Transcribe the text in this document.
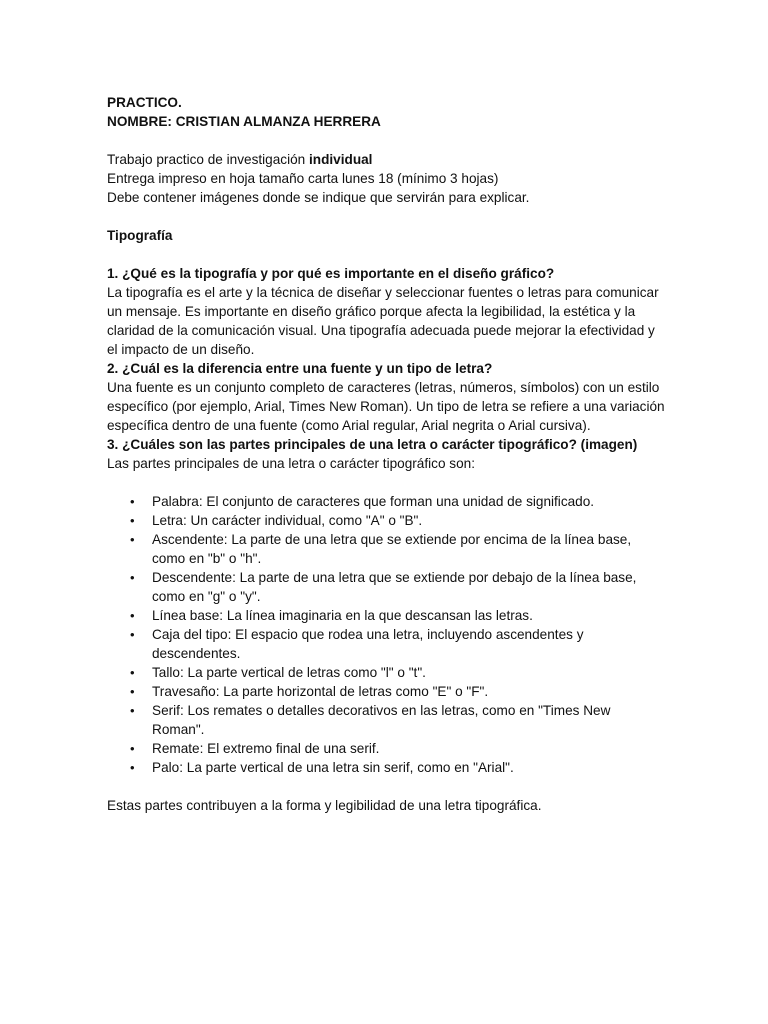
PRACTICO.

NOMBRE: CRISTIAN ALMANZA HERRERA

Trabajo practico de investigación individual

Entrega impreso en hoja tamaño carta lunes 18 (mínimo 3 hojas)

Debe contener imágenes donde se indique que servirán para explicar.

Tipografía

1. ¿Qué es la tipografía y por qué es importante en el diseño gráfico?

La tipografía es el arte y la técnica de diseñar y seleccionar fuentes o letras para comunicar un mensaje. Es importante en diseño gráfico porque afecta la legibilidad, la estética y la claridad de la comunicación visual. Una tipografía adecuada puede mejorar la efectividad y el impacto de un diseño.

2. ¿Cuál es la diferencia entre una fuente y un tipo de letra?

Una fuente es un conjunto completo de caracteres (letras, números, símbolos) con un estilo específico (por ejemplo, Arial, Times New Roman). Un tipo de letra se refiere a una variación específica dentro de una fuente (como Arial regular, Arial negrita o Arial cursiva).

3. ¿Cuáles son las partes principales de una letra o carácter tipográfico? (imagen)

Las partes principales de una letra o carácter tipográfico son:

• Palabra: El conjunto de caracteres que forman una unidad de significado.
• Letra: Un carácter individual, como "A" o "B".
• Ascendente: La parte de una letra que se extiende por encima de la línea base, como en "b" o "h".
• Descendente: La parte de una letra que se extiende por debajo de la línea base, como en "g" o "y".
• Línea base: La línea imaginaria en la que descansan las letras.
• Caja del tipo: El espacio que rodea una letra, incluyendo ascendentes y descendentes.
• Tallo: La parte vertical de letras como "l" o "t".
• Travesaño: La parte horizontal de letras como "E" o "F".
• Serif: Los remates o detalles decorativos en las letras, como en "Times New Roman".
• Remate: El extremo final de una serif.
• Palo: La parte vertical de una letra sin serif, como en "Arial".

Estas partes contribuyen a la forma y legibilidad de una letra tipográfica.
